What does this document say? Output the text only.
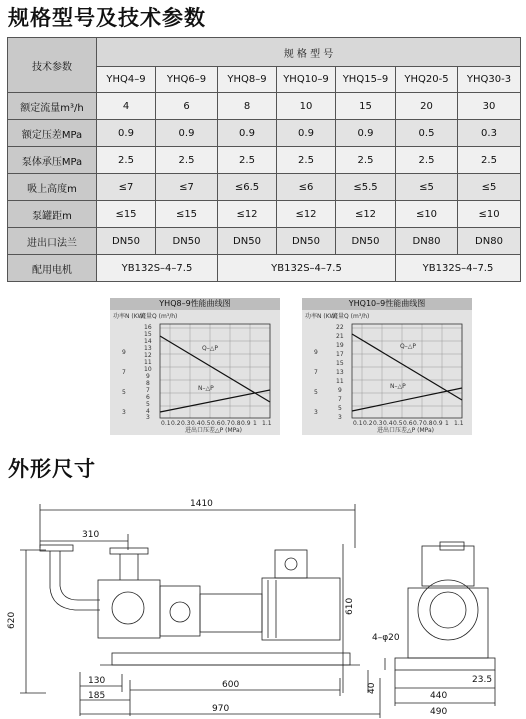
规格型号及技术参数
技术参数	规 格 型 号						
	YHQ4–9	YHQ6–9	YHQ8–9	YHQ10–9	YHQ15–9	YHQ20-5	YHQ30-3
额定流量m³/h	4	6	8	10	15	20	30
额定压差MPa	0.9	0.9	0.9	0.9	0.9	0.5	0.3
泵体承压MPa	2.5	2.5	2.5	2.5	2.5	2.5	2.5
吸上高度m	≤7	≤7	≤6.5	≤6	≤5.5	≤5	≤5
泵罐距m	≤15	≤15	≤12	≤12	≤12	≤10	≤10
进出口法兰	DN50	DN50	DN50	DN50	DN50	DN80	DN80
配用电机	YB132S–4–7.5		YB132S–4–7.5			YB132S–4–7.5	
YHQ8–9性能曲线图
功率N (KW)
流量Q (m³/h)
Q–△P
N–△P
9
7
5
3
16
15
14
13
12
11
10
9
8
7
6
5
4
3
0.1 0.2 0.3 0.4 0.5 0.6 0.7 0.8 0.9 1 1.1
进出口压差△P (MPa)
YHQ10–9性能曲线图
功率N (KW)
流量Q (m³/h)
Q–△P
N–△P
9
7
5
3
22
21
19
17
15
13
11
9
7
5
3
0.1 0.2 0.3 0.4 0.5 0.6 0.7 0.8 0.9 1 1.1
进出口压差△P (MPa)
外形尺寸
1410
310
620
610
130
185
600
970
40
4–φ20
23.5
440
490
